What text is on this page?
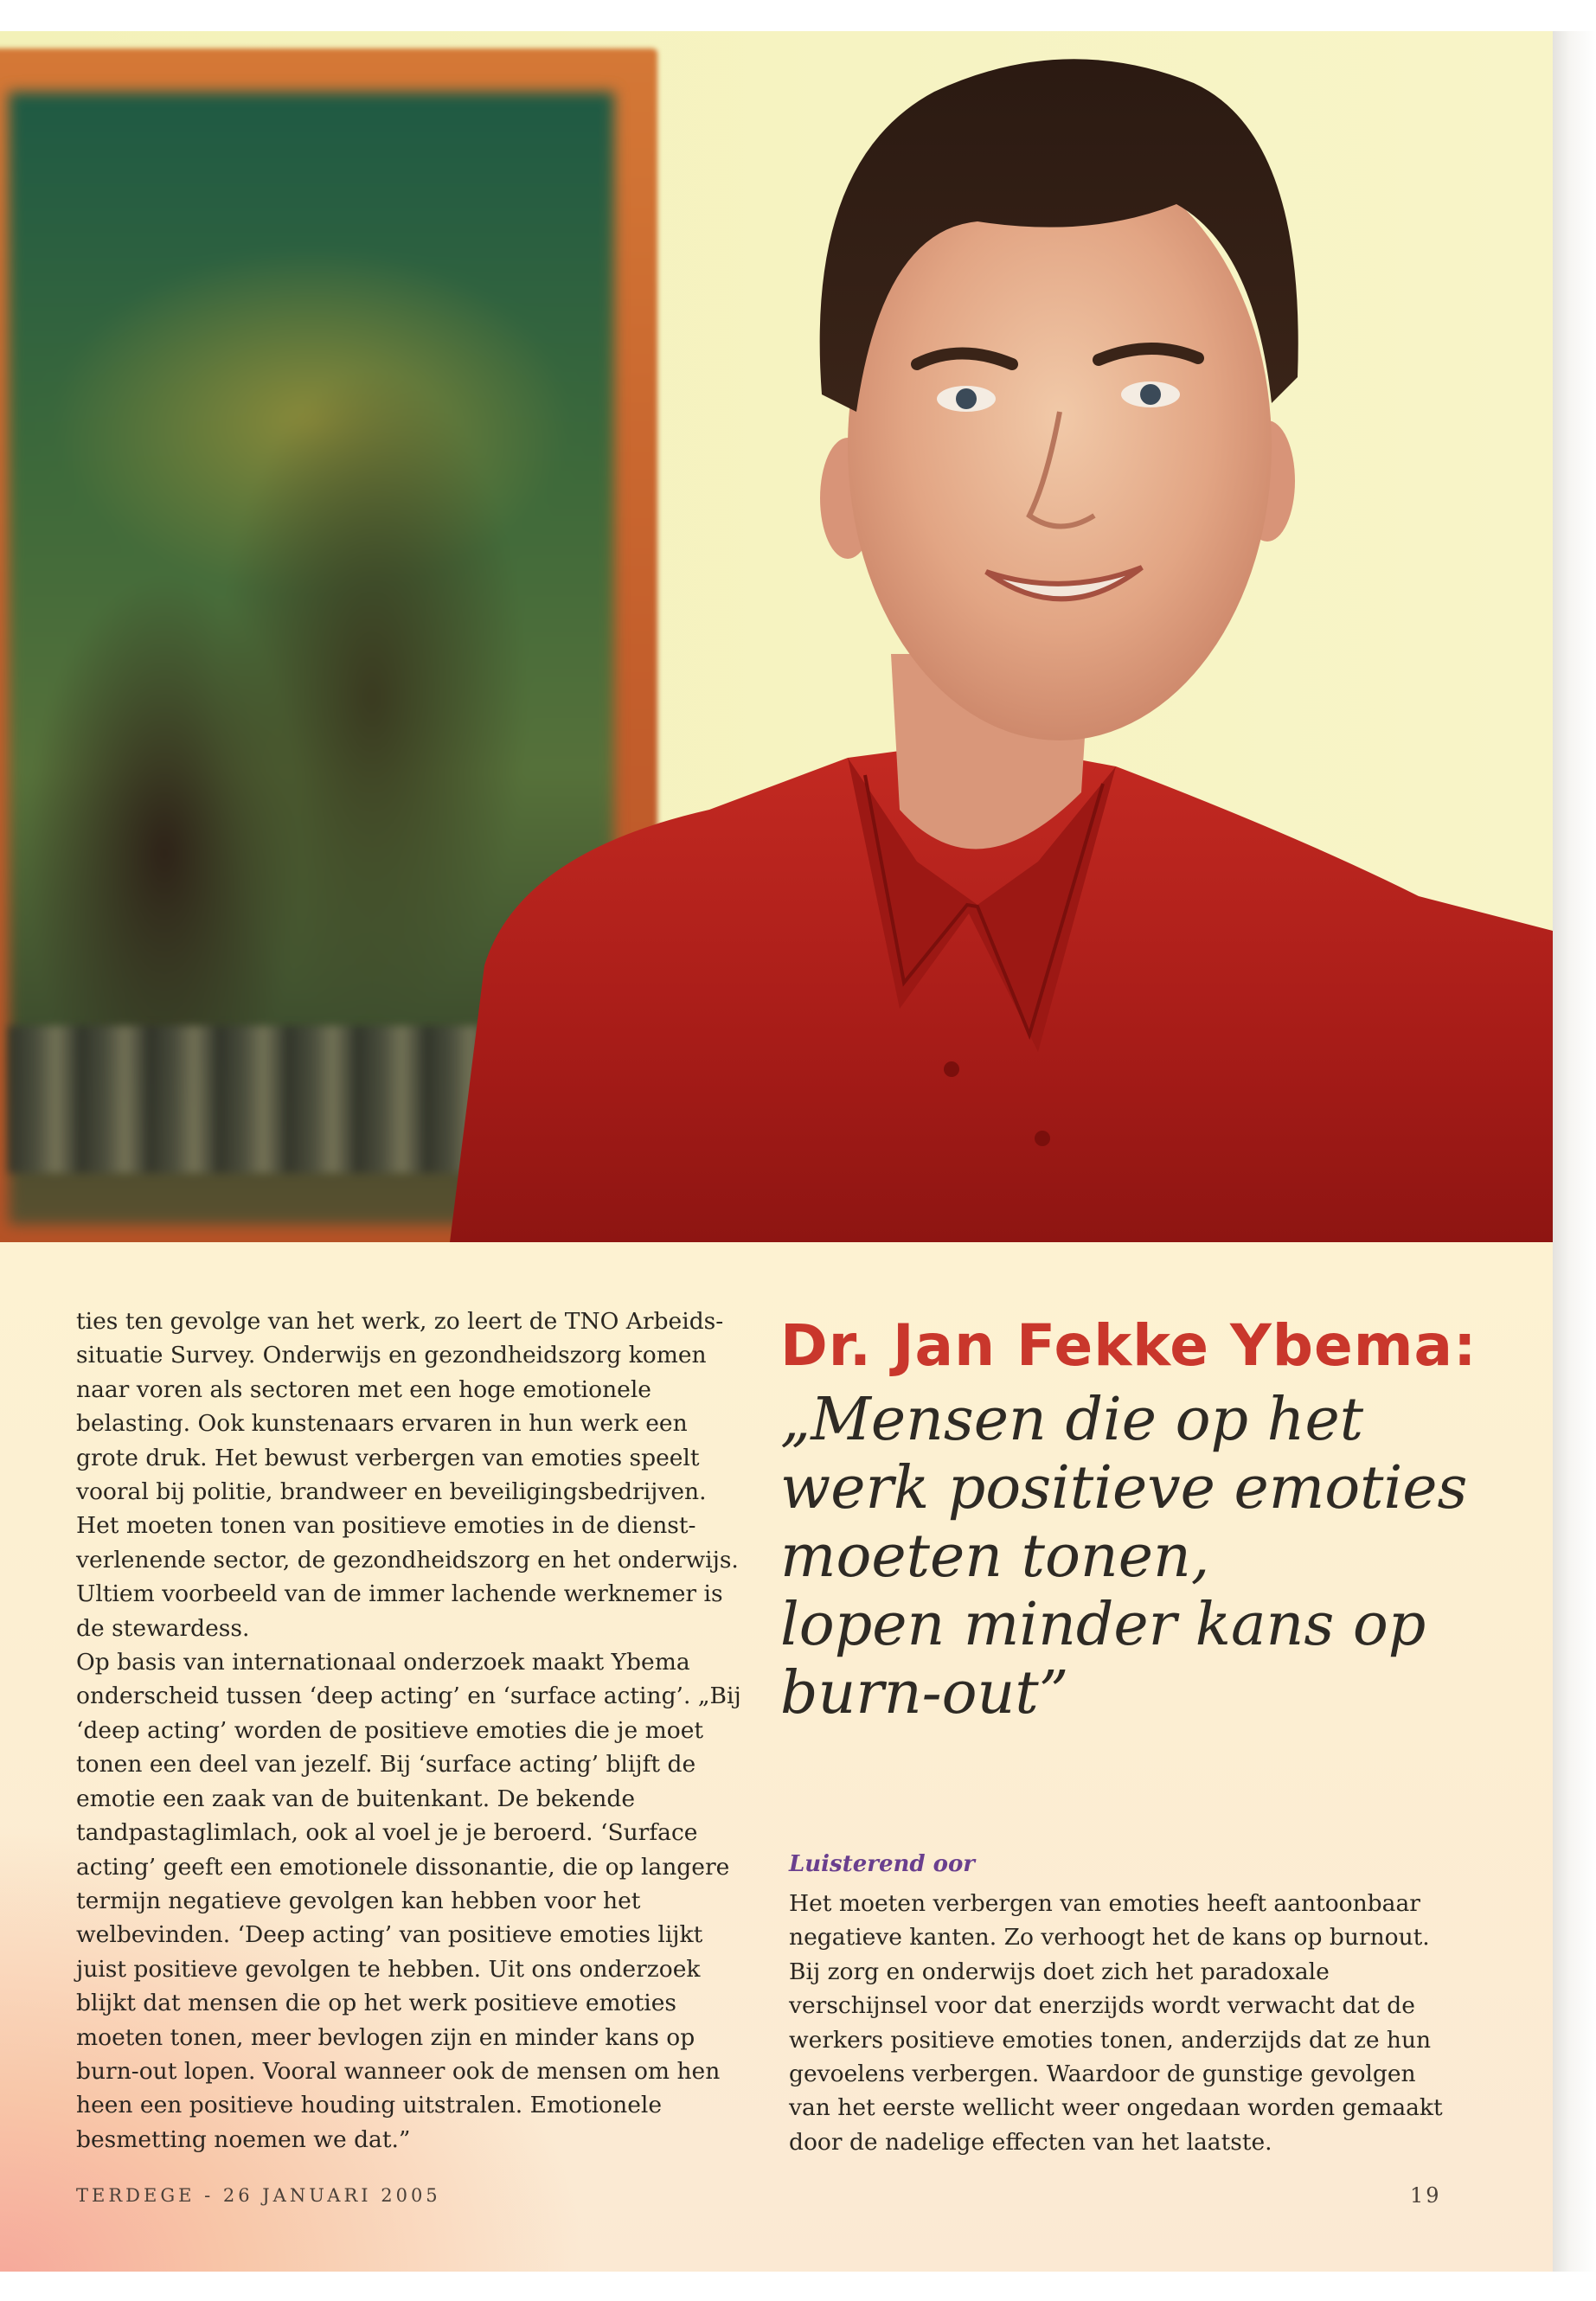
ties ten gevolge van het werk, zo leert de TNO Arbeidssituatie Survey. Onderwijs en gezondheidszorg komen naar voren als sectoren met een hoge emotionele belasting. Ook kunstenaars ervaren in hun werk een grote druk. Het bewust verbergen van emoties speelt vooral bij politie, brandweer en beveiligingsbedrijven. Het moeten tonen van positieve emoties in de dienstverlenende sector, de gezondheidszorg en het onderwijs. Ultiem voorbeeld van de immer lachende werknemer is de stewardess.

Op basis van internationaal onderzoek maakt Ybema onderscheid tussen ‘deep acting’ en ‘surface acting’. „Bij ‘deep acting’ worden de positieve emoties die je moet tonen een deel van jezelf. Bij ‘surface acting’ blijft de emotie een zaak van de buitenkant. De bekende tandpastaglimlach, ook al voel je je beroerd. ‘Surface acting’ geeft een emotionele dissonantie, die op langere termijn negatieve gevolgen kan hebben voor het welbevinden. ‘Deep acting’ van positieve emoties lijkt juist positieve gevolgen te hebben. Uit ons onderzoek blijkt dat mensen die op het werk positieve emoties moeten tonen, meer bevlogen zijn en minder kans op burn-out lopen. Vooral wanneer ook de mensen om hen heen een positieve houding uitstralen. Emotionele besmetting noemen we dat.”

Dr. Jan Fekke Ybema:
„Mensen die op het
werk positieve emoties
moeten tonen,
lopen minder kans op
burn-out”
Luisterend oor

Het moeten verbergen van emoties heeft aantoonbaar negatieve kanten. Zo verhoogt het de kans op burnout. Bij zorg en onderwijs doet zich het paradoxale verschijnsel voor dat enerzijds wordt verwacht dat de werkers positieve emoties tonen, anderzijds dat ze hun gevoelens verbergen. Waardoor de gunstige gevolgen van het eerste wellicht weer ongedaan worden gemaakt door de nadelige effecten van het laatste.

TERDEGE - 26 JANUARI 2005	19
